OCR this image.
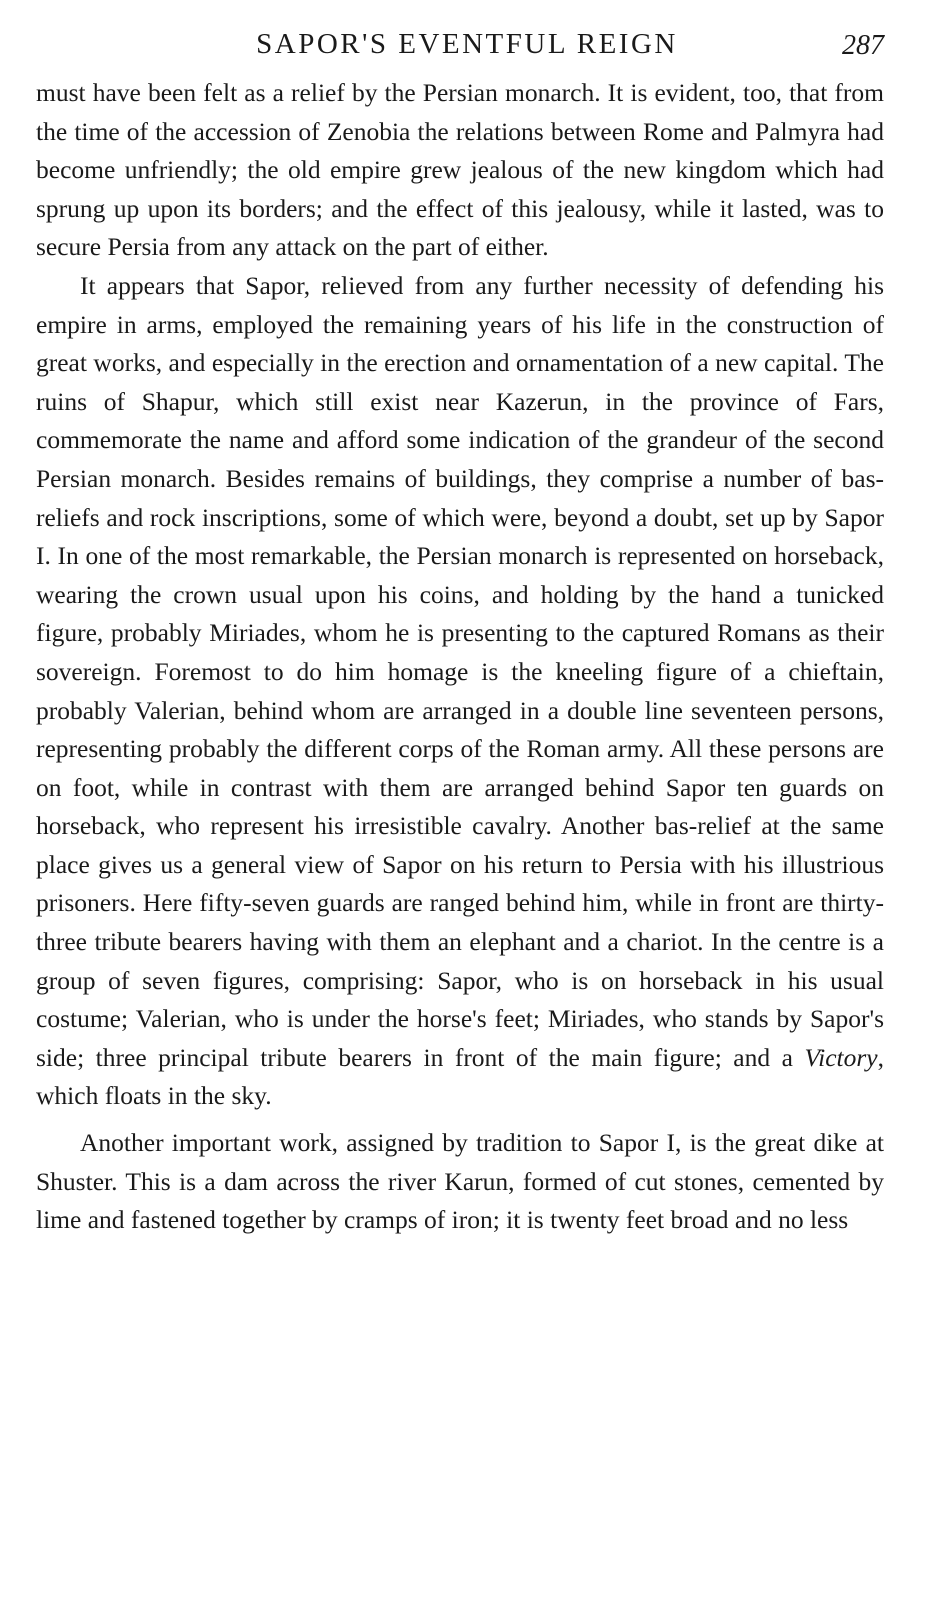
SAPOR'S EVENTFUL REIGN	287

must have been felt as a relief by the Persian monarch. It is evident, too, that from the time of the accession of Zenobia the relations between Rome and Palmyra had become unfriendly; the old empire grew jealous of the new kingdom which had sprung up upon its borders; and the effect of this jealousy, while it lasted, was to secure Persia from any attack on the part of either.

It appears that Sapor, relieved from any further necessity of defending his empire in arms, employed the remaining years of his life in the construction of great works, and especially in the erection and ornamentation of a new capital. The ruins of Shapur, which still exist near Kazerun, in the province of Fars, commemorate the name and afford some indication of the grandeur of the second Persian monarch. Besides remains of buildings, they comprise a number of bas-reliefs and rock inscriptions, some of which were, beyond a doubt, set up by Sapor I. In one of the most remarkable, the Persian monarch is represented on horseback, wearing the crown usual upon his coins, and holding by the hand a tunicked figure, probably Miriades, whom he is presenting to the captured Romans as their sovereign. Foremost to do him homage is the kneeling figure of a chieftain, probably Valerian, behind whom are arranged in a double line seventeen persons, representing probably the different corps of the Roman army. All these persons are on foot, while in contrast with them are arranged behind Sapor ten guards on horseback, who represent his irresistible cavalry. Another bas-relief at the same place gives us a general view of Sapor on his return to Persia with his illustrious prisoners. Here fifty-seven guards are ranged behind him, while in front are thirty-three tribute bearers having with them an elephant and a chariot. In the centre is a group of seven figures, comprising: Sapor, who is on horseback in his usual costume; Valerian, who is under the horse's feet; Miriades, who stands by Sapor's side; three principal tribute bearers in front of the main figure; and a Victory, which floats in the sky.

Another important work, assigned by tradition to Sapor I, is the great dike at Shuster. This is a dam across the river Karun, formed of cut stones, cemented by lime and fastened together by cramps of iron; it is twenty feet broad and no less
